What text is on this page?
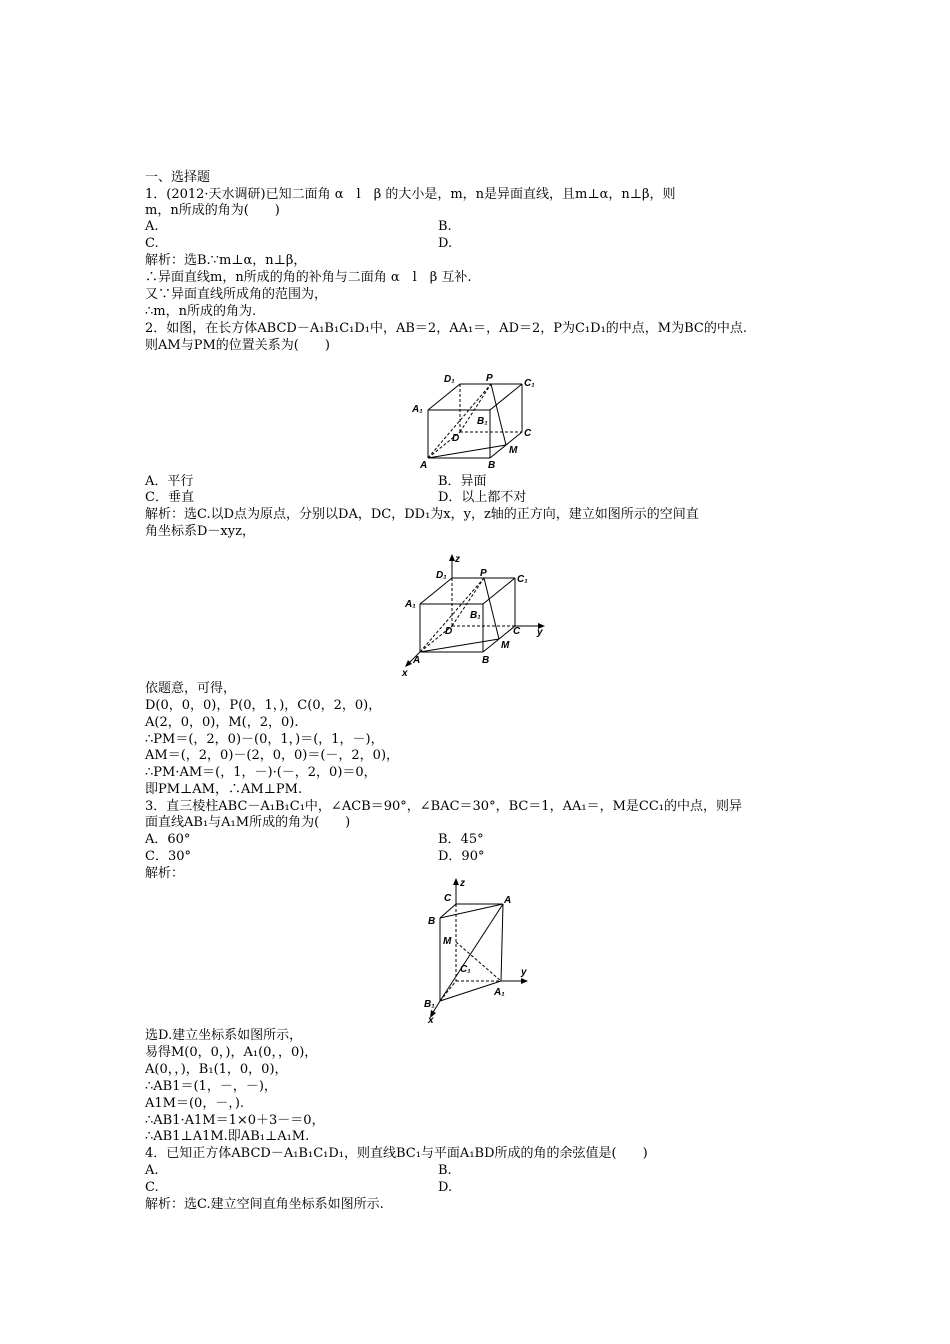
一、选择题
1．(2012·天水调研)已知二面角 α　l　β 的大小是，m，n是异面直线，且m⊥α，n⊥β，则
m，n所成的角为(　　)
A.	B.
C.	D.
解析：选B.∵m⊥α，n⊥β，
∴异面直线m，n所成的角的补角与二面角 α　l　β 互补.
又∵异面直线所成角的范围为，
∴m，n所成的角为.
2．如图，在长方体ABCD－A₁B₁C₁D₁中，AB＝2，AA₁＝，AD＝2，P为C₁D₁的中点，M为BC的中点.
则AM与PM的位置关系为(　　)
D₁	P	C₁
A₁
B₁
D	C
A	B
M
A．平行	B．异面
C．垂直	D．以上都不对
解析：选C.以D点为原点，分别以DA，DC，DD₁为x，y，z轴的正方向，建立如图所示的空间直
角坐标系D－xyz，
z
D₁	P
C₁
A₁
B₁
D	C y
A	B
M
x
依题意，可得，
D(0，0，0)，P(0，1，)，C(0，2，0)，
A(2，0，0)，M(，2，0).
∴PM＝(，2，0)－(0，1，)＝(，1，－)，
AM＝(，2，0)－(2，0，0)＝(－，2，0)，
∴PM·AM＝(，1，－)·(－，2，0)＝0，
即PM⊥AM，∴AM⊥PM.
3．直三棱柱ABC－A₁B₁C₁中，∠ACB＝90°，∠BAC＝30°，BC＝1，AA₁＝，M是CC₁的中点，则异
面直线AB₁与A₁M所成的角为(　　)
A．60°	B．45°
C．30°	D．90°
解析：
z
C	A
B
M
C₁	y
B₁
A₁
x
选D.建立坐标系如图所示，
易得M(0，0，)，A₁(0，，0)，
A(0，，)，B₁(1，0，0)，
∴AB1＝(1，－，－)，
A1M＝(0，－，).
∴AB1·A1M＝1×0＋3－＝0，
∴AB1⊥A1M.即AB₁⊥A₁M.
4．已知正方体ABCD－A₁B₁C₁D₁，则直线BC₁与平面A₁BD所成的角的余弦值是(　　)
A.	B.
C.	D.
解析：选C.建立空间直角坐标系如图所示.
